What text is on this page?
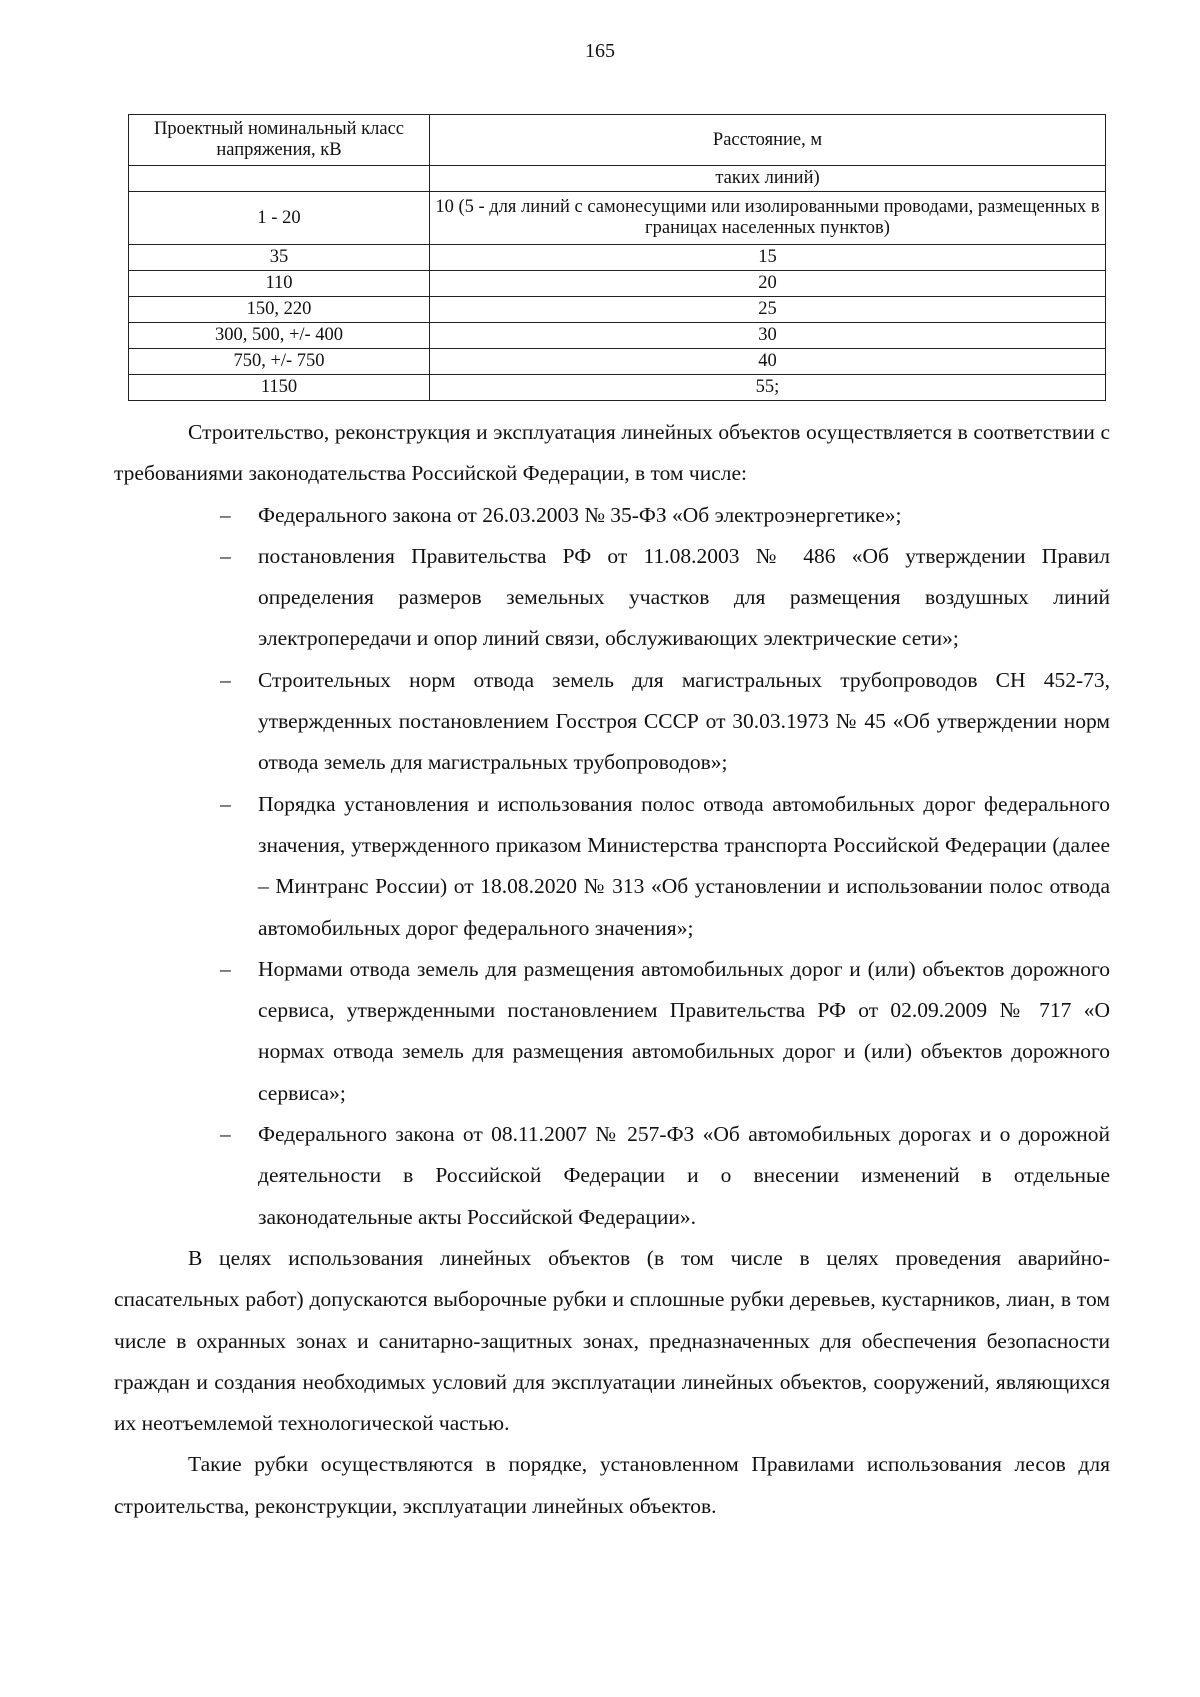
165
Проектный номинальный класс напряжения, кВ	Расстояние, м
	таких линий)
1 - 20	10 (5 - для линий с самонесущими или изолированными проводами, размещенных в границах населенных пунктов)
35	15
110	20
150, 220	25
300, 500, +/- 400	30
750, +/- 750	40
1150	55;

Строительство, реконструкция и эксплуатация линейных объектов осуществляется в соответствии с требованиями законодательства Российской Федерации, в том числе:

– Федерального закона от 26.03.2003 № 35-ФЗ «Об электроэнергетике»;
– постановления Правительства РФ от 11.08.2003 № 486 «Об утверждении Правил определения размеров земельных участков для размещения воздушных линий электропередачи и опор линий связи, обслуживающих электрические сети»;
– Строительных норм отвода земель для магистральных трубопроводов СН 452-73, утвержденных постановлением Госстроя СССР от 30.03.1973 № 45 «Об утверждении норм отвода земель для магистральных трубопроводов»;
– Порядка установления и использования полос отвода автомобильных дорог федерального значения, утвержденного приказом Министерства транспорта Российской Федерации (далее – Минтранс России) от 18.08.2020 № 313 «Об установлении и использовании полос отвода автомобильных дорог федерального значения»;
– Нормами отвода земель для размещения автомобильных дорог и (или) объектов дорожного сервиса, утвержденными постановлением Правительства РФ от 02.09.2009 № 717 «О нормах отвода земель для размещения автомобильных дорог и (или) объектов дорожного сервиса»;
– Федерального закона от 08.11.2007 № 257-ФЗ «Об автомобильных дорогах и о дорожной деятельности в Российской Федерации и о внесении изменений в отдельные законодательные акты Российской Федерации».

В целях использования линейных объектов (в том числе в целях проведения аварийно-спасательных работ) допускаются выборочные рубки и сплошные рубки деревьев, кустарников, лиан, в том числе в охранных зонах и санитарно-защитных зонах, предназначенных для обеспечения безопасности граждан и создания необходимых условий для эксплуатации линейных объектов, сооружений, являющихся их неотъемлемой технологической частью.

Такие рубки осуществляются в порядке, установленном Правилами использования лесов для строительства, реконструкции, эксплуатации линейных объектов.
